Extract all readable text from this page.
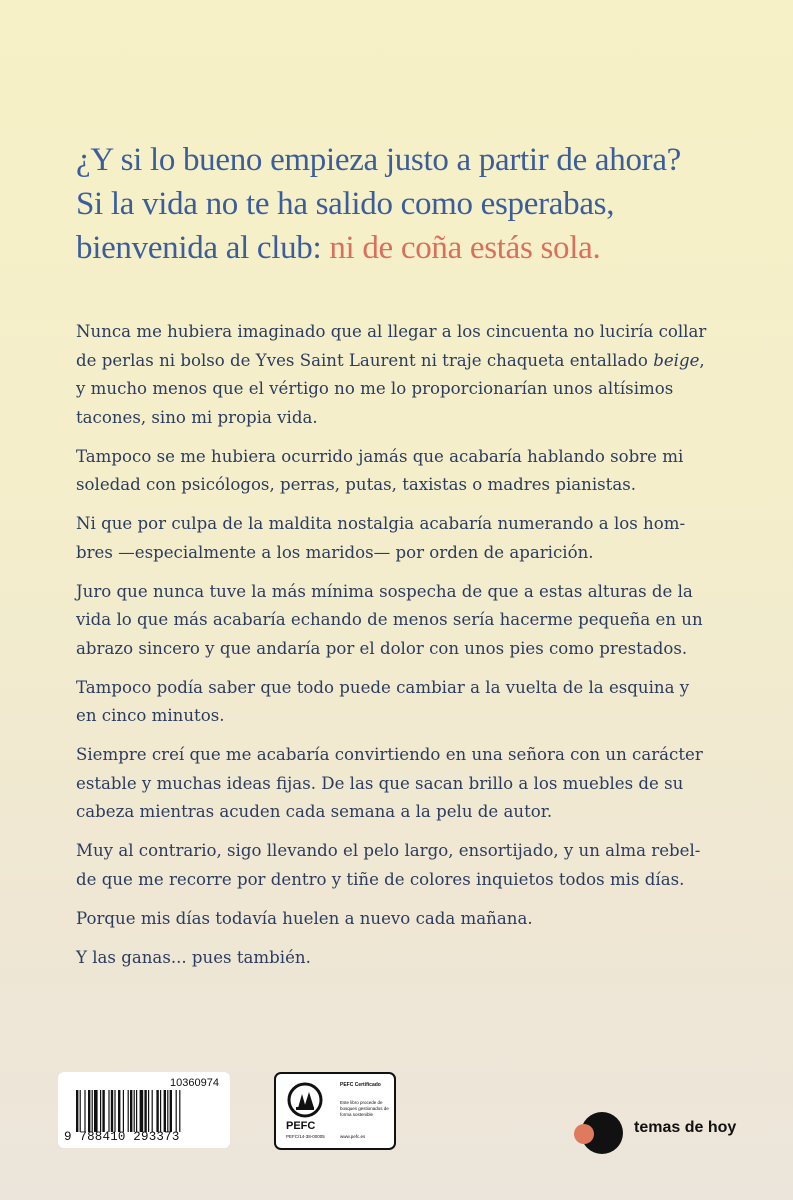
¿Y si lo bueno empieza justo a partir de ahora?
Si la vida no te ha salido como esperabas,
bienvenida al club: ni de coña estás sola.

Nunca me hubiera imaginado que al llegar a los cincuenta no luciría collar
de perlas ni bolso de Yves Saint Laurent ni traje chaqueta entallado beige,
y mucho menos que el vértigo no me lo proporcionarían unos altísimos
tacones, sino mi propia vida.

Tampoco se me hubiera ocurrido jamás que acabaría hablando sobre mi
soledad con psicólogos, perras, putas, taxistas o madres pianistas.

Ni que por culpa de la maldita nostalgia acabaría numerando a los hom-
bres —especialmente a los maridos— por orden de aparición.

Juro que nunca tuve la más mínima sospecha de que a estas alturas de la
vida lo que más acabaría echando de menos sería hacerme pequeña en un
abrazo sincero y que andaría por el dolor con unos pies como prestados.

Tampoco podía saber que todo puede cambiar a la vuelta de la esquina y
en cinco minutos.

Siempre creí que me acabaría convirtiendo en una señora con un carácter
estable y muchas ideas fijas. De las que sacan brillo a los muebles de su
cabeza mientras acuden cada semana a la pelu de autor.

Muy al contrario, sigo llevando el pelo largo, ensortijado, y un alma rebel-
de que me recorre por dentro y tiñe de colores inquietos todos mis días.

Porque mis días todavía huelen a nuevo cada mañana.

Y las ganas... pues también.

10360974
9 788410 293373
PEFC
PEFC/14-38-00005
PEFC Certificado
Este libro procede de bosques gestionados de forma sostenible
www.pefc.es
temas de hoy
